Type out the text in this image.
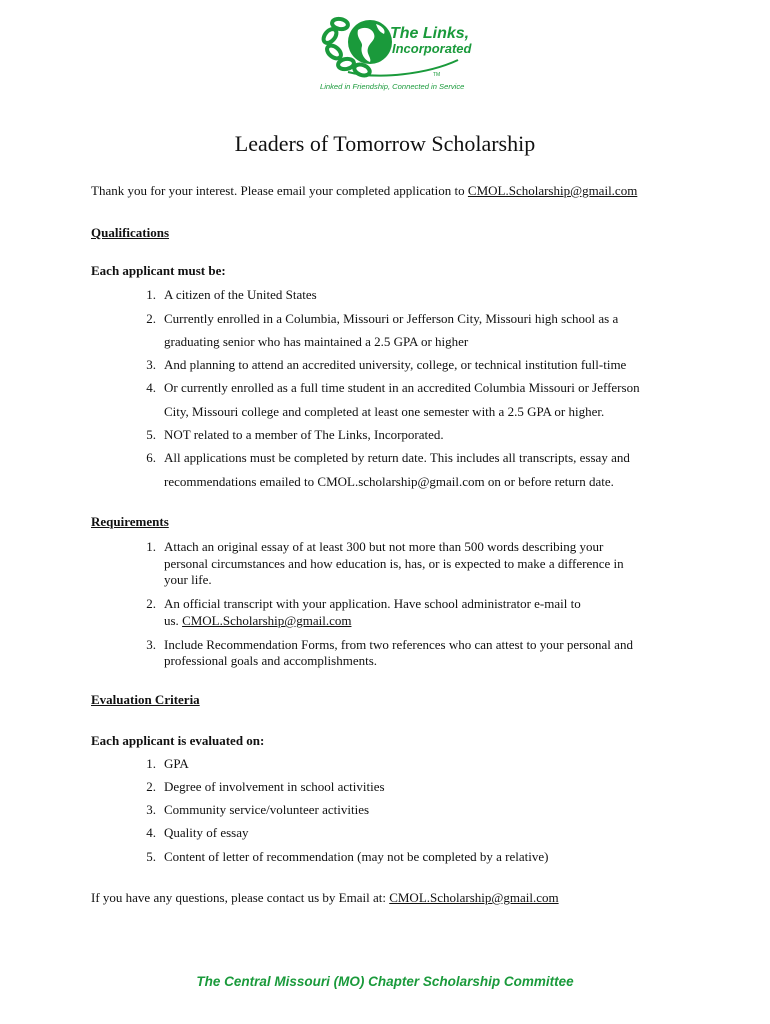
The Links,
Incorporated
TM
Linked in Friendship, Connected in Service
Leaders of Tomorrow Scholarship
Thank you for your interest. Please email your completed application to CMOL.Scholarship@gmail.com
Qualifications
Each applicant must be:
1. A citizen of the United States
2. Currently enrolled in a Columbia, Missouri or Jefferson City, Missouri high school as a
graduating senior who has maintained a 2.5 GPA or higher
3. And planning to attend an accredited university, college, or technical institution full-time
4. Or currently enrolled as a full time student in an accredited Columbia Missouri or Jefferson
City, Missouri college and completed at least one semester with a 2.5 GPA or higher.
5. NOT related to a member of The Links, Incorporated.
6. All applications must be completed by return date. This includes all transcripts, essay and
recommendations emailed to CMOL.scholarship@gmail.com on or before return date.
Requirements
1. Attach an original essay of at least 300 but not more than 500 words describing your
personal circumstances and how education is, has, or is expected to make a difference in
your life.
2. An official transcript with your application. Have school administrator e-mail to
us. CMOL.Scholarship@gmail.com
3. Include Recommendation Forms, from two references who can attest to your personal and
professional goals and accomplishments.
Evaluation Criteria
Each applicant is evaluated on:
1. GPA
2. Degree of involvement in school activities
3. Community service/volunteer activities
4. Quality of essay
5. Content of letter of recommendation (may not be completed by a relative)
If you have any questions, please contact us by Email at: CMOL.Scholarship@gmail.com
The Central Missouri (MO) Chapter Scholarship Committee
